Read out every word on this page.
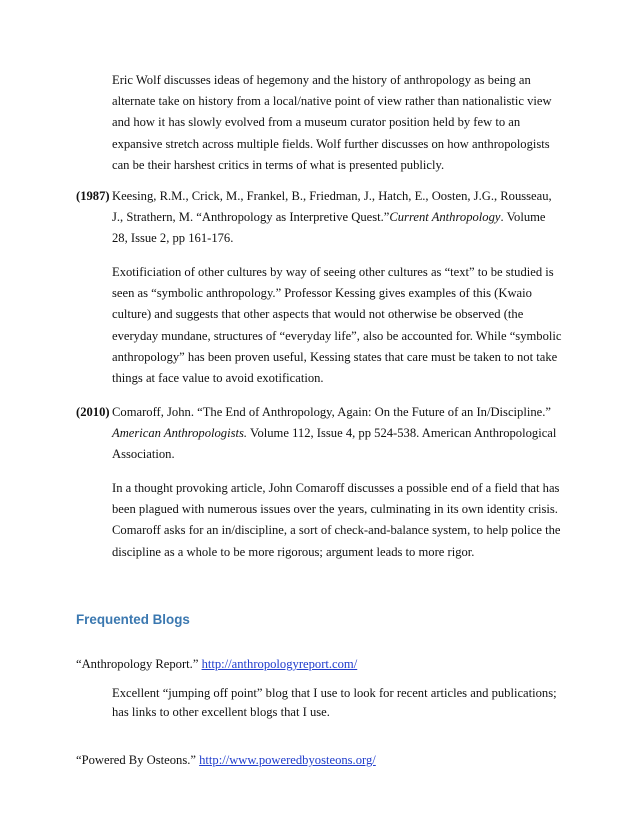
Eric Wolf discusses ideas of hegemony and the history of anthropology as being an alternate take on history from a local/native point of view rather than nationalistic view and how it has slowly evolved from a museum curator position held by few to an expansive stretch across multiple fields. Wolf further discusses on how anthropologists can be their harshest critics in terms of what is presented publicly.

(1987) Keesing, R.M., Crick, M., Frankel, B., Friedman, J., Hatch, E., Oosten, J.G., Rousseau, J., Strathern, M. “Anthropology as Interpretive Quest.”Current Anthropology. Volume 28, Issue 2, pp 161-176.

Exotificiation of other cultures by way of seeing other cultures as “text” to be studied is seen as “symbolic anthropology.” Professor Kessing gives examples of this (Kwaio culture) and suggests that other aspects that would not otherwise be observed (the everyday mundane, structures of “everyday life”, also be accounted for. While “symbolic anthropology” has been proven useful, Kessing states that care must be taken to not take things at face value to avoid exotification.

(2010) Comaroff, John. “The End of Anthropology, Again: On the Future of an In/Discipline.” American Anthropologists. Volume 112, Issue 4, pp 524-538. American Anthropological Association.

In a thought provoking article, John Comaroff discusses a possible end of a field that has been plagued with numerous issues over the years, culminating in its own identity crisis. Comaroff asks for an in/discipline, a sort of check-and-balance system, to help police the discipline as a whole to be more rigorous; argument leads to more rigor.

Frequented Blogs
“Anthropology Report.” http://anthropologyreport.com/

Excellent “jumping off point” blog that I use to look for recent articles and publications; has links to other excellent blogs that I use.

“Powered By Osteons.” http://www.poweredbyosteons.org/
